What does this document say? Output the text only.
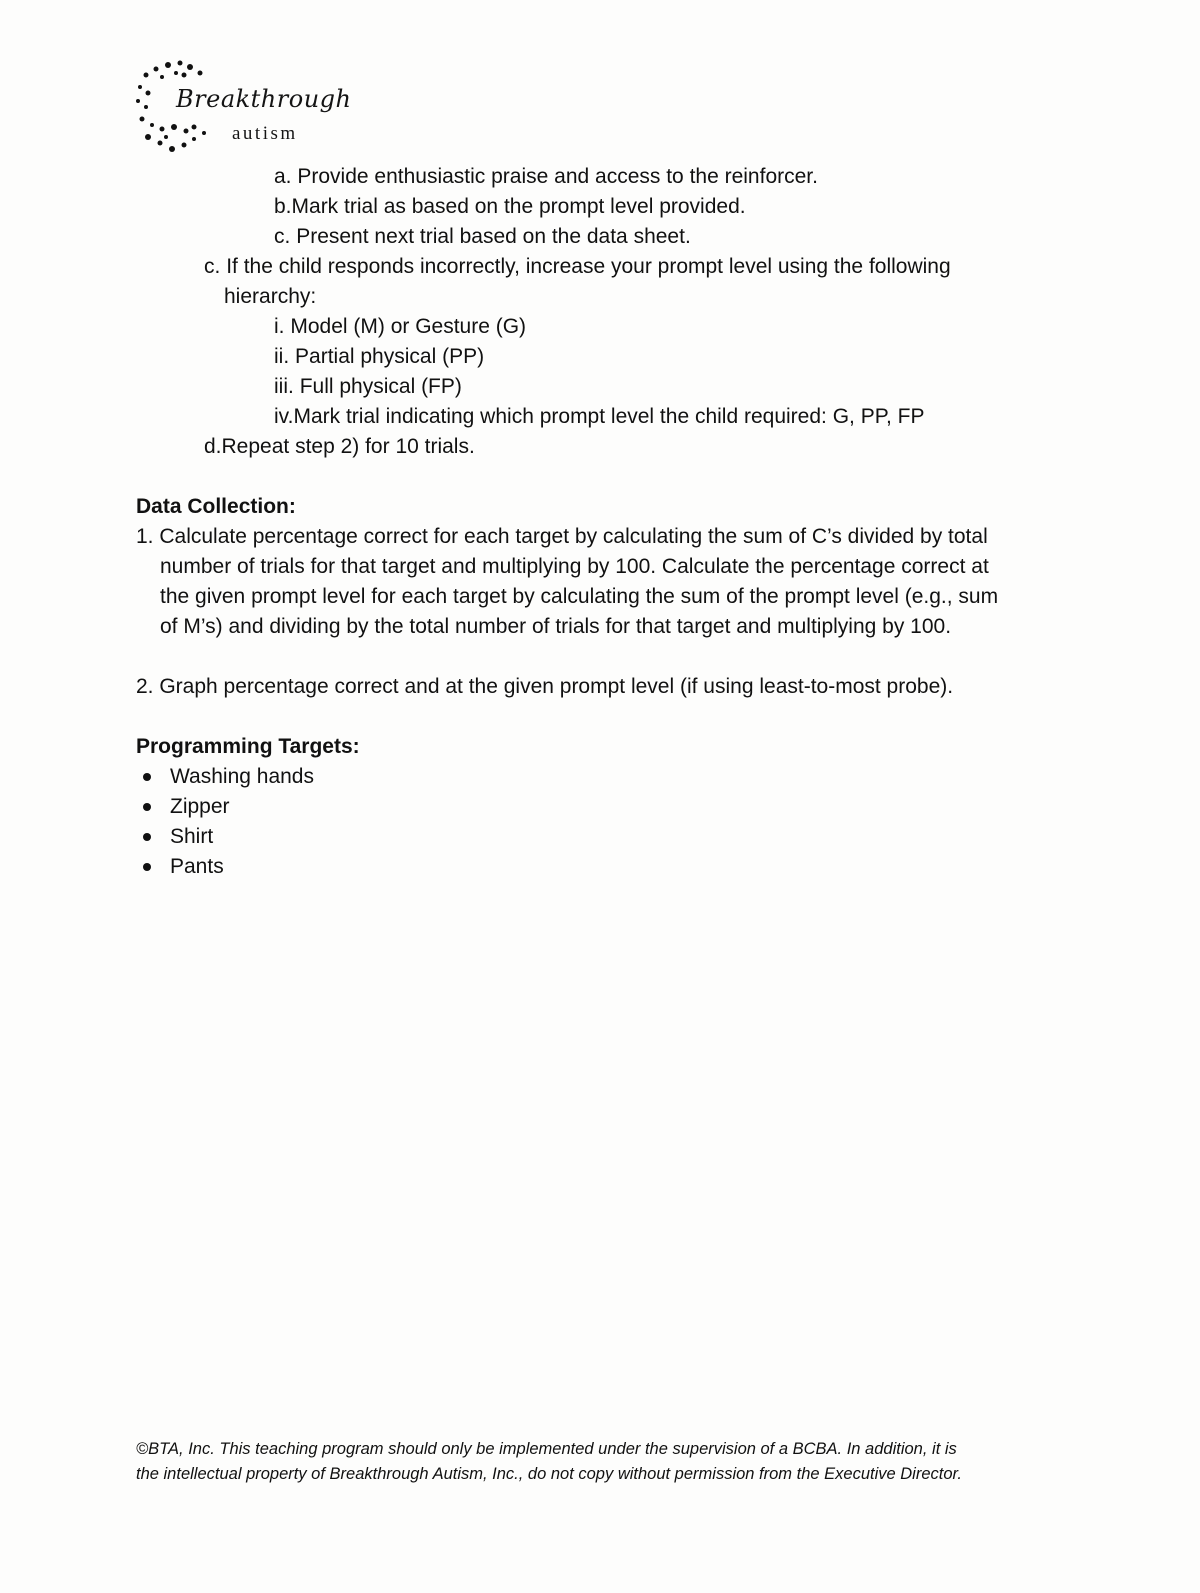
Breakthrough
autism
a. Provide enthusiastic praise and access to the reinforcer.
b.Mark trial as based on the prompt level provided.
c. Present next trial based on the data sheet.
c. If the child responds incorrectly, increase your prompt level using the following
hierarchy:
i. Model (M) or Gesture (G)
ii. Partial physical (PP)
iii. Full physical (FP)
iv.Mark trial indicating which prompt level the child required: G, PP, FP
d.Repeat step 2) for 10 trials.
Data Collection:
1. Calculate percentage correct for each target by calculating the sum of C’s divided by total
number of trials for that target and multiplying by 100. Calculate the percentage correct at
the given prompt level for each target by calculating the sum of the prompt level (e.g., sum
of M’s) and dividing by the total number of trials for that target and multiplying by 100.
2. Graph percentage correct and at the given prompt level (if using least-to-most probe).
Programming Targets:
Washing hands
Zipper
Shirt
Pants
©BTA, Inc. This teaching program should only be implemented under the supervision of a BCBA. In addition, it is
the intellectual property of Breakthrough Autism, Inc., do not copy without permission from the Executive Director.
